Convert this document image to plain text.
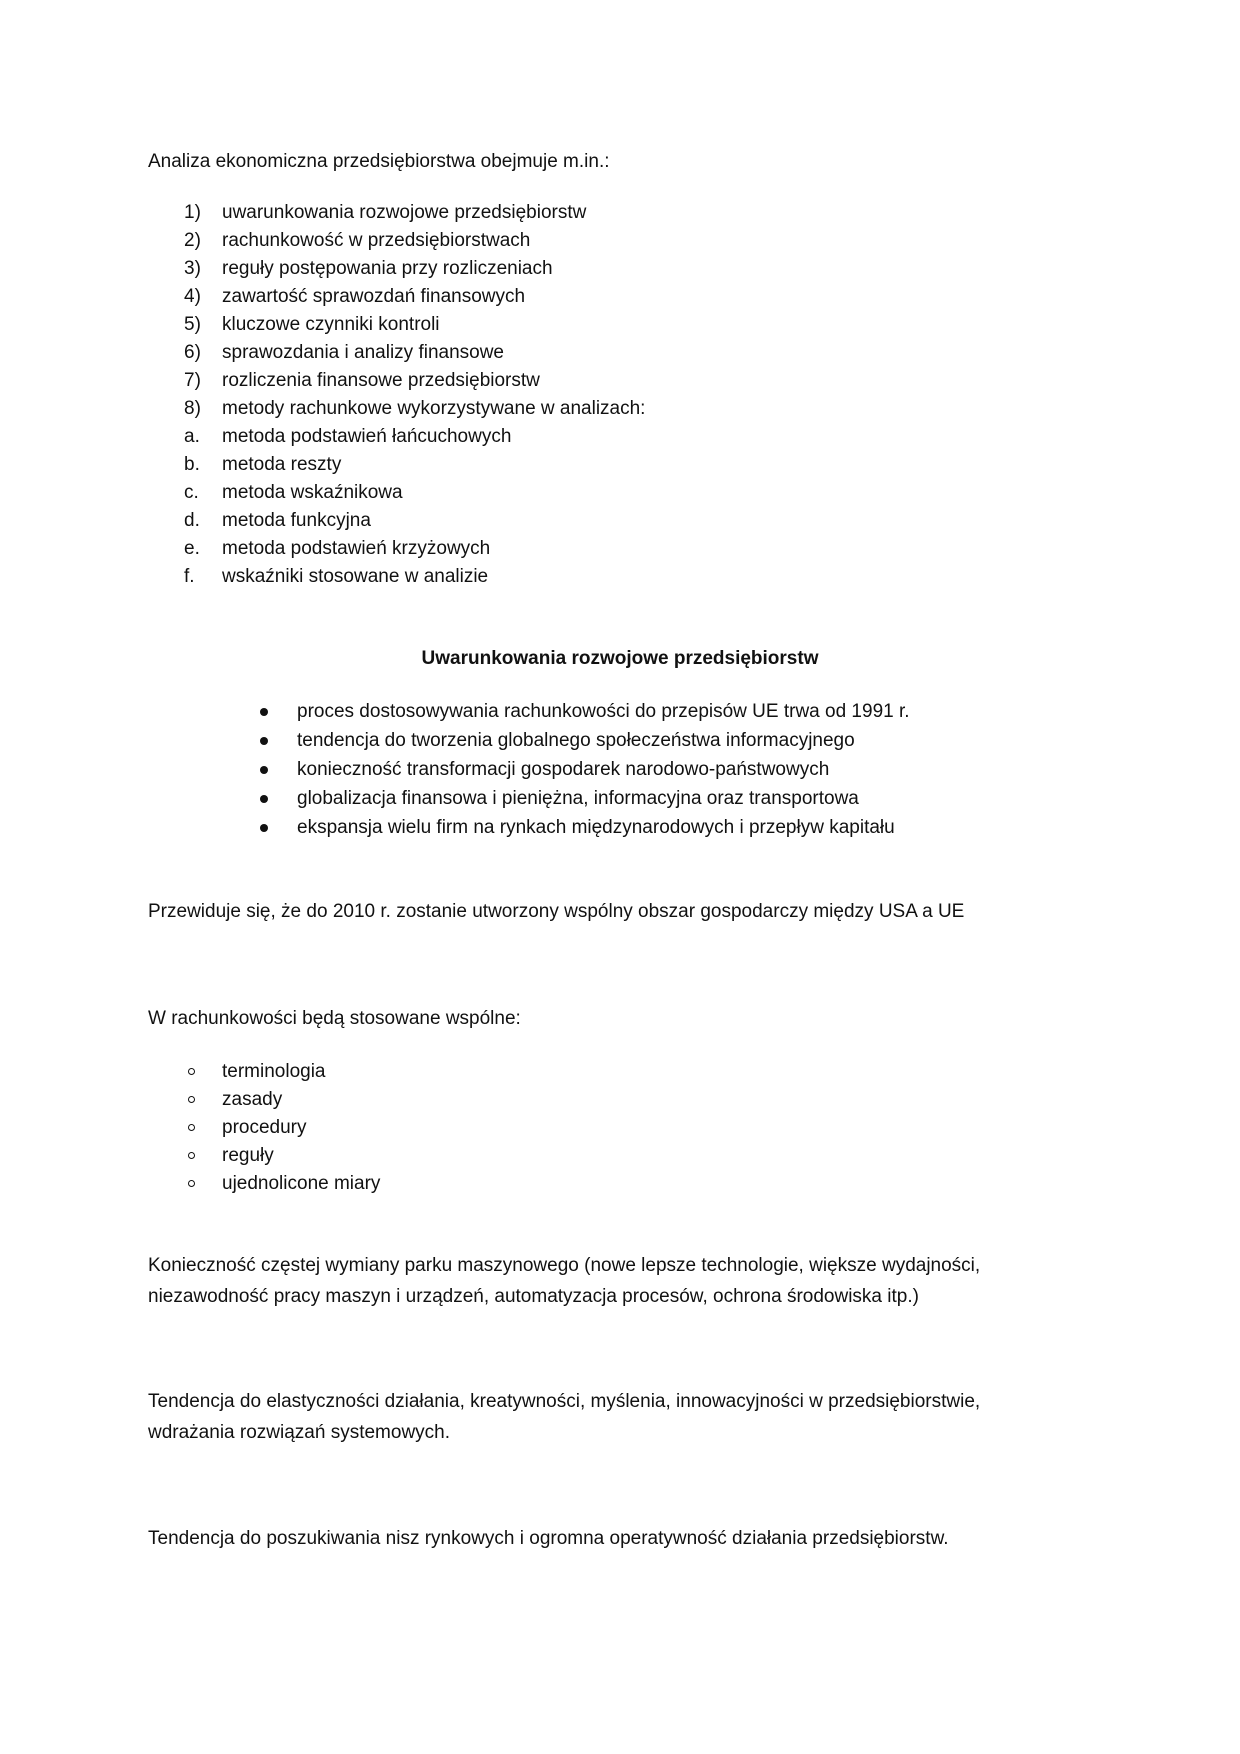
Analiza ekonomiczna przedsiębiorstwa obejmuje m.in.:
1) uwarunkowania rozwojowe przedsiębiorstw
2) rachunkowość w przedsiębiorstwach
3) reguły postępowania przy rozliczeniach
4) zawartość sprawozdań finansowych
5) kluczowe czynniki kontroli
6) sprawozdania i analizy finansowe
7) rozliczenia finansowe przedsiębiorstw
8) metody rachunkowe wykorzystywane w analizach:
a. metoda podstawień łańcuchowych
b. metoda reszty
c. metoda wskaźnikowa
d. metoda funkcyjna
e. metoda podstawień krzyżowych
f. wskaźniki stosowane w analizie
Uwarunkowania rozwojowe przedsiębiorstw
proces dostosowywania rachunkowości do przepisów UE trwa od 1991 r.
tendencja do tworzenia globalnego społeczeństwa informacyjnego
konieczność transformacji gospodarek narodowo-państwowych
globalizacja finansowa i pieniężna, informacyjna oraz transportowa
ekspansja wielu firm na rynkach międzynarodowych i przepływ kapitału
Przewiduje się, że do 2010 r. zostanie utworzony wspólny obszar gospodarczy między USA a UE
W rachunkowości będą stosowane wspólne:
terminologia
zasady
procedury
reguły
ujednolicone miary
Konieczność częstej wymiany parku maszynowego (nowe lepsze technologie, większe wydajności,
niezawodność pracy maszyn i urządzeń, automatyzacja procesów, ochrona środowiska itp.)
Tendencja do elastyczności działania, kreatywności, myślenia, innowacyjności w przedsiębiorstwie,
wdrażania rozwiązań systemowych.
Tendencja do poszukiwania nisz rynkowych i ogromna operatywność działania przedsiębiorstw.
